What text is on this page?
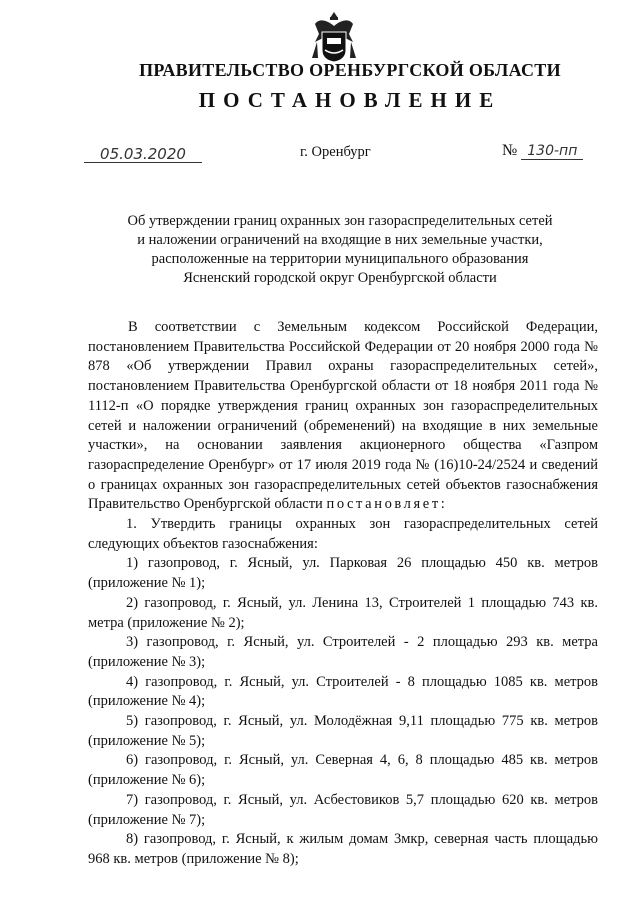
ПРАВИТЕЛЬСТВО ОРЕНБУРГСКОЙ ОБЛАСТИ
ПОСТАНОВЛЕНИЕ
05.03.2020	г. Оренбург	№ 130-пп
Об утверждении границ охранных зон газораспределительных сетей
и наложении ограничений на входящие в них земельные участки,
расположенные на территории муниципального образования
Ясненский городской округ Оренбургской области

В соответствии с Земельным кодексом Российской Федерации, постановлением Правительства Российской Федерации от 20 ноября 2000 года № 878 «Об утверждении Правил охраны газораспределительных сетей», постановлением Правительства Оренбургской области от 18 ноября 2011 года № 1112-п «О порядке утверждения границ охранных зон газораспределительных сетей и наложении ограничений (обременений) на входящие в них земельные участки», на основании заявления акционерного общества «Газпром газораспределение Оренбург» от 17 июля 2019 года № (16)10-24/2524 и сведений о границах охранных зон газораспределительных сетей объектов газоснабжения Правительство Оренбургской области постановляет:

1. Утвердить границы охранных зон газораспределительных сетей следующих объектов газоснабжения:

1) газопровод, г. Ясный, ул. Парковая 26 площадью 450 кв. метров (приложение № 1);

2) газопровод, г. Ясный, ул. Ленина 13, Строителей 1 площадью 743 кв. метра (приложение № 2);

3) газопровод, г. Ясный, ул. Строителей - 2 площадью 293 кв. метра (приложение № 3);

4) газопровод, г. Ясный, ул. Строителей - 8 площадью 1085 кв. метров (приложение № 4);

5) газопровод, г. Ясный, ул. Молодёжная 9,11 площадью 775 кв. метров (приложение № 5);

6) газопровод, г. Ясный, ул. Северная 4, 6, 8 площадью 485 кв. метров (приложение № 6);

7) газопровод, г. Ясный, ул. Асбестовиков 5,7 площадью 620 кв. метров (приложение № 7);

8) газопровод, г. Ясный, к жилым домам 3мкр, северная часть площадью 968 кв. метров (приложение № 8);
